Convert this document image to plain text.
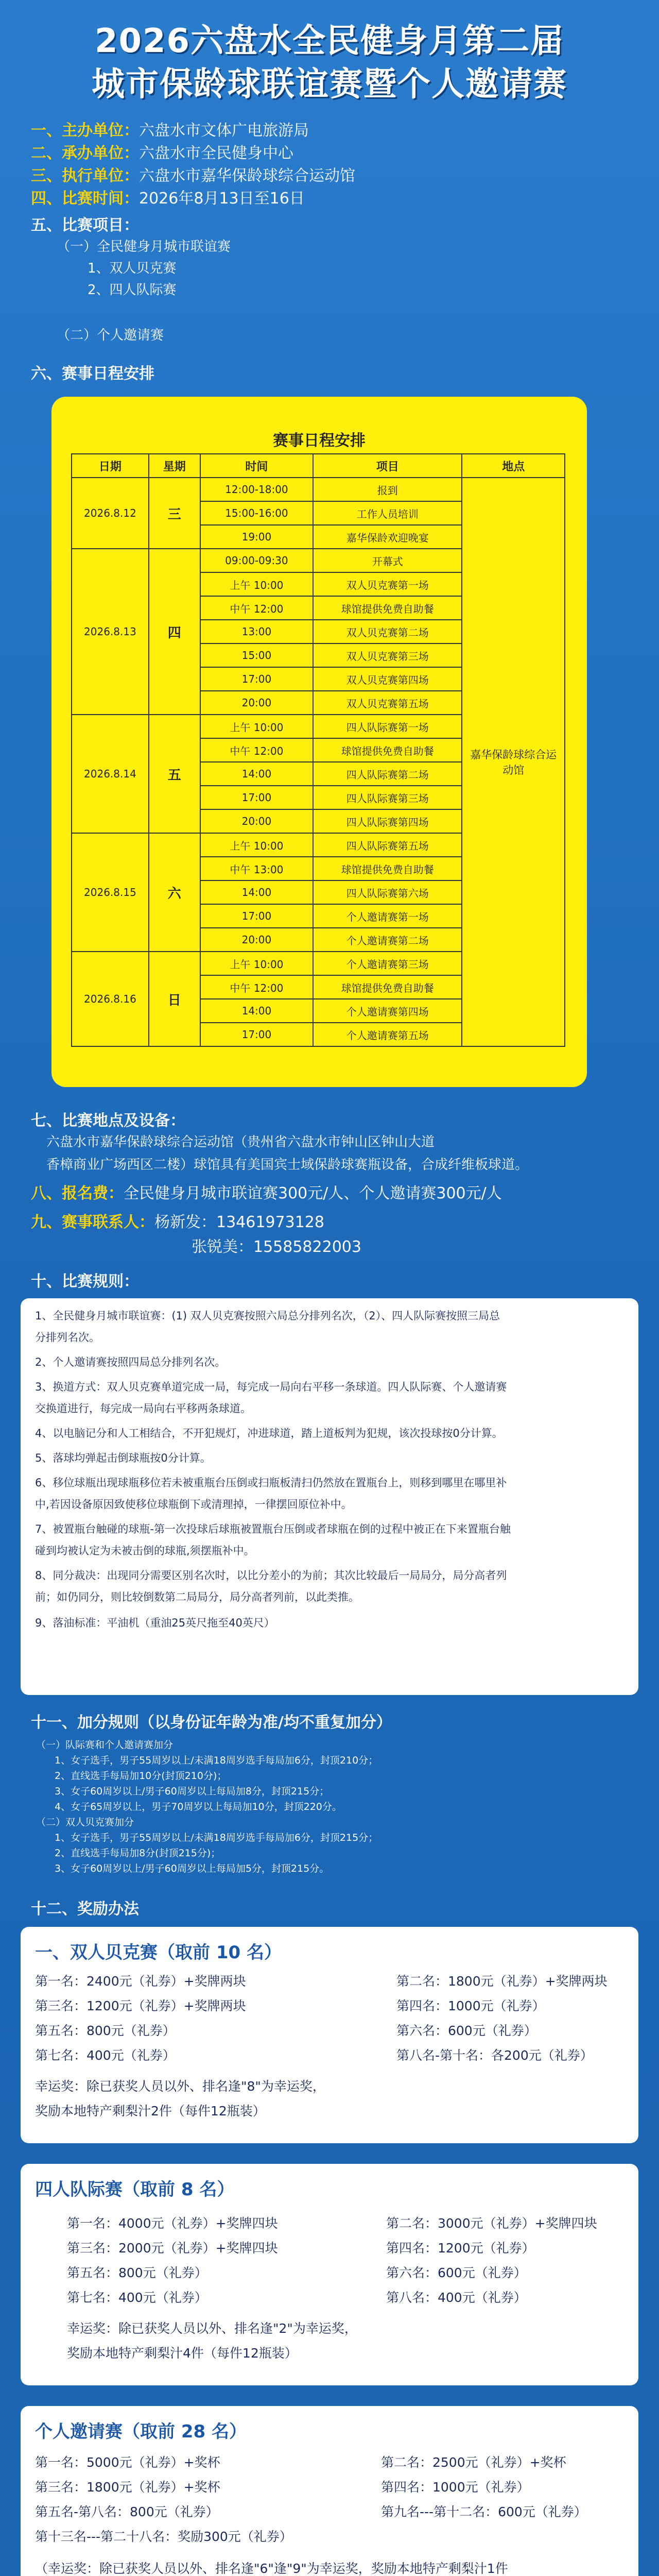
2026六盘水全民健身月第二届
城市保龄球联谊赛暨个人邀请赛
一、主办单位：六盘水市文体广电旅游局
二、承办单位：六盘水市全民健身中心
三、执行单位：六盘水市嘉华保龄球综合运动馆
四、比赛时间：2026年8月13日至16日
五、比赛项目：
（一）全民健身月城市联谊赛
1、双人贝克赛
2、四人队际赛
（二）个人邀请赛
六、赛事日程安排
赛事日程安排
日期	星期	时间	项目	地点
2026.8.12	三	12:00-18:00	报到	嘉华保龄球综合运动馆
		15:00-16:00	工作人员培训	
		19:00	嘉华保龄欢迎晚宴	
2026.8.13	四	09:00-09:30	开幕式	
		上午 10:00	双人贝克赛第一场	
		中午 12:00	球馆提供免费自助餐	
		13:00	双人贝克赛第二场	
		15:00	双人贝克赛第三场	
		17:00	双人贝克赛第四场	
		20:00	双人贝克赛第五场	
2026.8.14	五	上午 10:00	四人队际赛第一场	
		中午 12:00	球馆提供免费自助餐	
		14:00	四人队际赛第二场	
		17:00	四人队际赛第三场	
		20:00	四人队际赛第四场	
2026.8.15	六	上午 10:00	四人队际赛第五场	
		中午 13:00	球馆提供免费自助餐	
		14:00	四人队际赛第六场	
		17:00	个人邀请赛第一场	
		20:00	个人邀请赛第二场	
2026.8.16	日	上午 10:00	个人邀请赛第三场	
		中午 12:00	球馆提供免费自助餐	
		14:00	个人邀请赛第四场	
		17:00	个人邀请赛第五场	
七、比赛地点及设备：
六盘水市嘉华保龄球综合运动馆（贵州省六盘水市钟山区钟山大道
香樟商业广场西区二楼）球馆具有美国宾士域保龄球赛瓶设备，合成纤维板球道。
八、报名费：全民健身月城市联谊赛300元/人、个人邀请赛300元/人
九、赛事联系人：杨新发：13461973128
张锐美：15585822003
十、比赛规则：
1、全民健身月城市联谊赛：(1) 双人贝克赛按照六局总分排列名次，（2）、四人队际赛按照三局总
分排列名次。
2、个人邀请赛按照四局总分排列名次。
3、换道方式：双人贝克赛单道完成一局，每完成一局向右平移一条球道。四人队际赛、个人邀请赛
交换道进行，每完成一局向右平移两条球道。
4、以电脑记分和人工相结合，不开犯规灯，冲进球道，踏上道板判为犯规，该次投球按0分计算。
5、落球均弹起击倒球瓶按0分计算。
6、移位球瓶出现球瓶移位若未被重瓶台压倒或扫瓶板清扫仍然放在置瓶台上，则移到哪里在哪里补
中,若因设备原因致使移位球瓶倒下或清理掉，一律摆回原位补中。
7、被置瓶台触碰的球瓶-第一次投球后球瓶被置瓶台压倒或者球瓶在倒的过程中被正在下来置瓶台触
碰到均被认定为未被击倒的球瓶,须摆瓶补中。
8、同分裁决：出现同分需要区别名次时，以比分差小的为前；其次比较最后一局局分，局分高者列
前；如仍同分，则比较倒数第二局局分，局分高者列前，以此类推。
9、落油标准：平油机（重油25英尺拖至40英尺）
十一、加分规则（以身份证年龄为准/均不重复加分）
（一）队际赛和个人邀请赛加分
1、女子选手，男子55周岁以上/未满18周岁选手每局加6分，封顶210分；
2、直线选手每局加10分(封顶210分)；
3、女子60周岁以上/男子60周岁以上每局加8分，封顶215分；
4、女子65周岁以上，男子70周岁以上每局加10分，封顶220分。
（二）双人贝克赛加分
1、女子选手，男子55周岁以上/未满18周岁选手每局加6分，封顶215分；
2、直线选手每局加8分(封顶215分)；
3、女子60周岁以上/男子60周岁以上每局加5分，封顶215分。
十二、奖励办法
一、双人贝克赛（取前 10 名）
第一名：2400元（礼券）+奖牌两块
第三名：1200元（礼券）+奖牌两块
第五名：800元（礼券）
第七名：400元（礼券）
第二名：1800元（礼券）+奖牌两块
第四名：1000元（礼券）
第六名：600元（礼券）
第八名-第十名：各200元（礼券）
幸运奖：除已获奖人员以外、排名逢"8"为幸运奖，
奖励本地特产剩梨汁2件（每件12瓶装）
四人队际赛（取前 8 名）
第一名：4000元（礼券）+奖牌四块
第三名：2000元（礼券）+奖牌四块
第五名：800元（礼券）
第七名：400元（礼券）
第二名：3000元（礼券）+奖牌四块
第四名：1200元（礼券）
第六名：600元（礼券）
第八名：400元（礼券）
幸运奖：除已获奖人员以外、排名逢"2"为幸运奖，
奖励本地特产剩梨汁4件（每件12瓶装）
个人邀请赛（取前 28 名）
第一名：5000元（礼券）+奖杯
第三名：1800元（礼券）+奖杯
第五名-第八名：800元（礼券）
第十三名---第二十八名：奖励300元（礼券）
第二名：2500元（礼券）+奖杯
第四名：1000元（礼券）
第九名---第十二名：600元（礼券）
（幸运奖：除已获奖人员以外、排名逢"6"逢"9"为幸运奖，奖励本地特产剩梨汁1件
